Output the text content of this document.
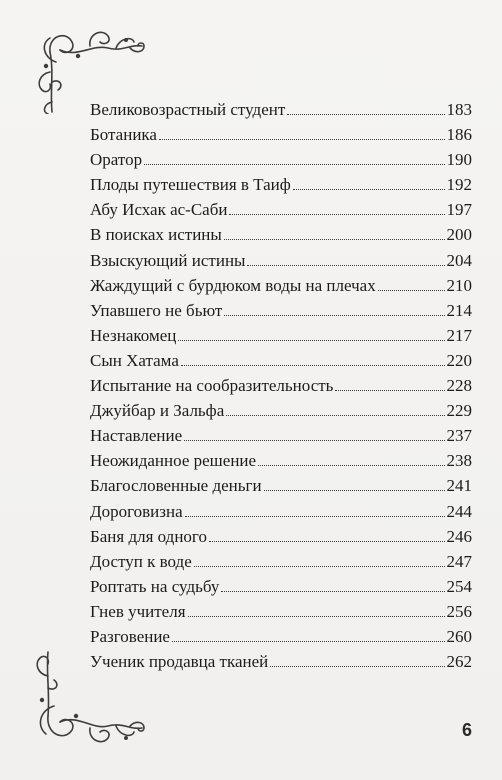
Великовозрастный студент	183
Ботаника	186
Оратор	190
Плоды путешествия в Таиф	192
Абу Исхак ас-Саби	197
В поисках истины	200
Взыскующий истины	204
Жаждущий с бурдюком воды на плечах	210
Упавшего не бьют	214
Незнакомец	217
Сын Хатама	220
Испытание на сообразительность	228
Джуйбар и Зальфа	229
Наставление	237
Неожиданное решение	238
Благословенные деньги	241
Дороговизна	244
Баня для одного	246
Доступ к воде	247
Роптать на судьбу	254
Гнев учителя	256
Разговение	260
Ученик продавца тканей	262
6
